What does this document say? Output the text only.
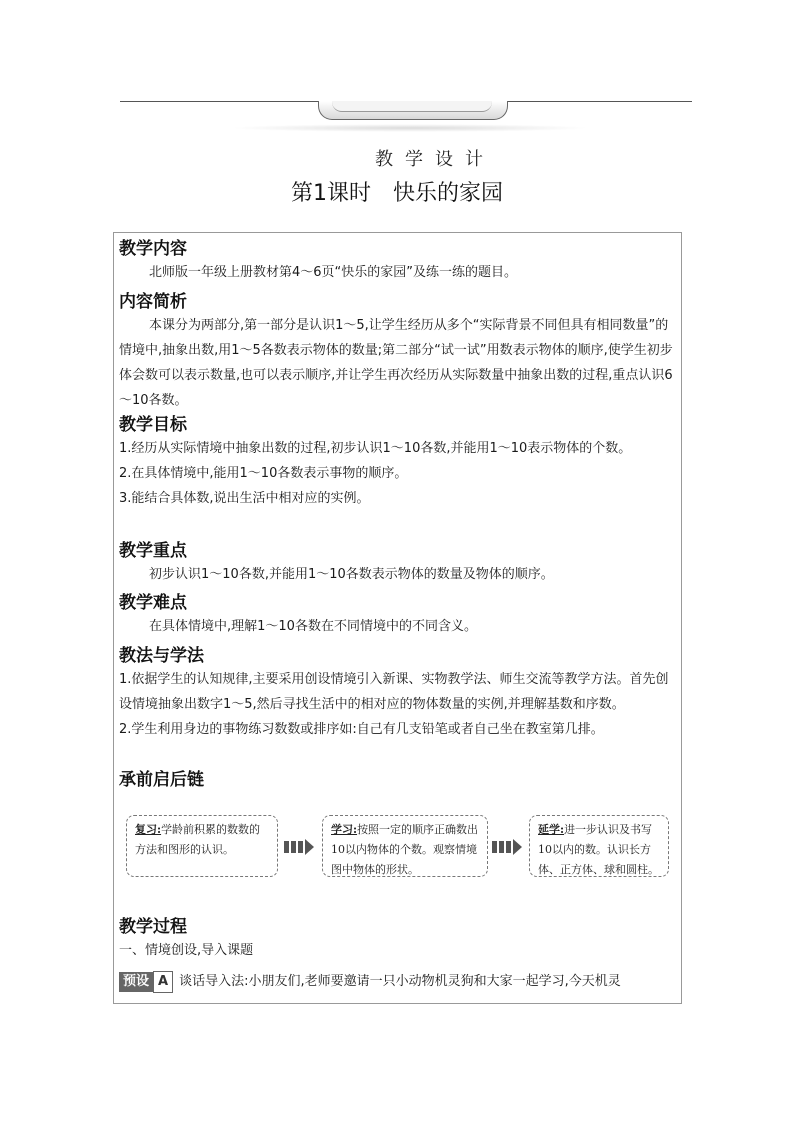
教学设计
第1课时　快乐的家园
教学内容
北师版一年级上册教材第4～6页“快乐的家园”及练一练的题目。
内容简析
本课分为两部分,第一部分是认识1～5,让学生经历从多个“实际背景不同但具有相同数量”的情境中,抽象出数,用1～5各数表示物体的数量;第二部分“试一试”用数表示物体的顺序,使学生初步体会数可以表示数量,也可以表示顺序,并让学生再次经历从实际数量中抽象出数的过程,重点认识6～10各数。
教学目标
1.经历从实际情境中抽象出数的过程,初步认识1～10各数,并能用1～10表示物体的个数。
2.在具体情境中,能用1～10各数表示事物的顺序。
3.能结合具体数,说出生活中相对应的实例。
教学重点
初步认识1～10各数,并能用1～10各数表示物体的数量及物体的顺序。
教学难点
在具体情境中,理解1～10各数在不同情境中的不同含义。
教法与学法
1.依据学生的认知规律,主要采用创设情境引入新课、实物教学法、师生交流等教学方法。首先创设情境抽象出数字1～5,然后寻找生活中的相对应的物体数量的实例,并理解基数和序数。
2.学生利用身边的事物练习数数或排序如:自己有几支铅笔或者自己坐在教室第几排。
承前启后链
复习:学龄前积累的数数的方法和图形的认识。
学习:按照一定的顺序正确数出10以内物体的个数。观察情境图中物体的形状。
延学:进一步认识及书写10以内的数。认识长方体、正方体、球和圆柱。
教学过程
一、情境创设,导入课题
预设 A 谈话导入法:小朋友们,老师要邀请一只小动物机灵狗和大家一起学习,今天机灵
